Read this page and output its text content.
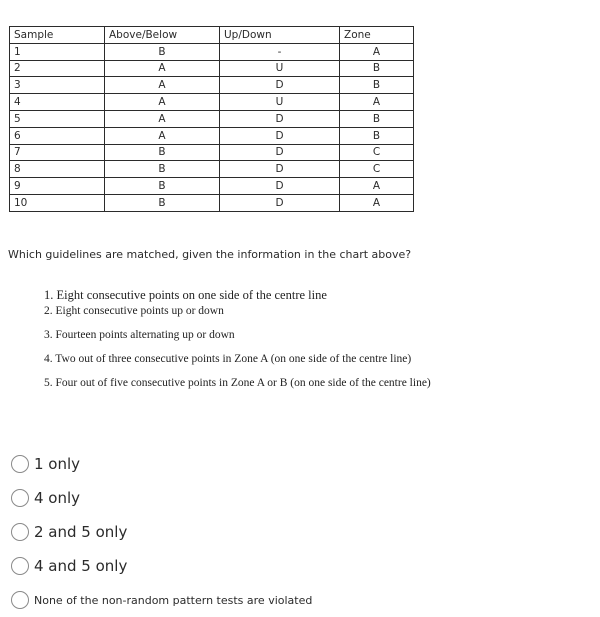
Sample	Above/Below	Up/Down	Zone
1	B	-	A
2	A	U	B
3	A	D	B
4	A	U	A
5	A	D	B
6	A	D	B
7	B	D	C
8	B	D	C
9	B	D	A
10	B	D	A

Which guidelines are matched, given the information in the chart above?

1. Eight consecutive points on one side of the centre line
2. Eight consecutive points up or down
3. Fourteen points alternating up or down
4. Two out of three consecutive points in Zone A (on one side of the centre line)
5. Four out of five consecutive points in Zone A or B (on one side of the centre line)
1 only
4 only
2 and 5 only
4 and 5 only
None of the non-random pattern tests are violated
